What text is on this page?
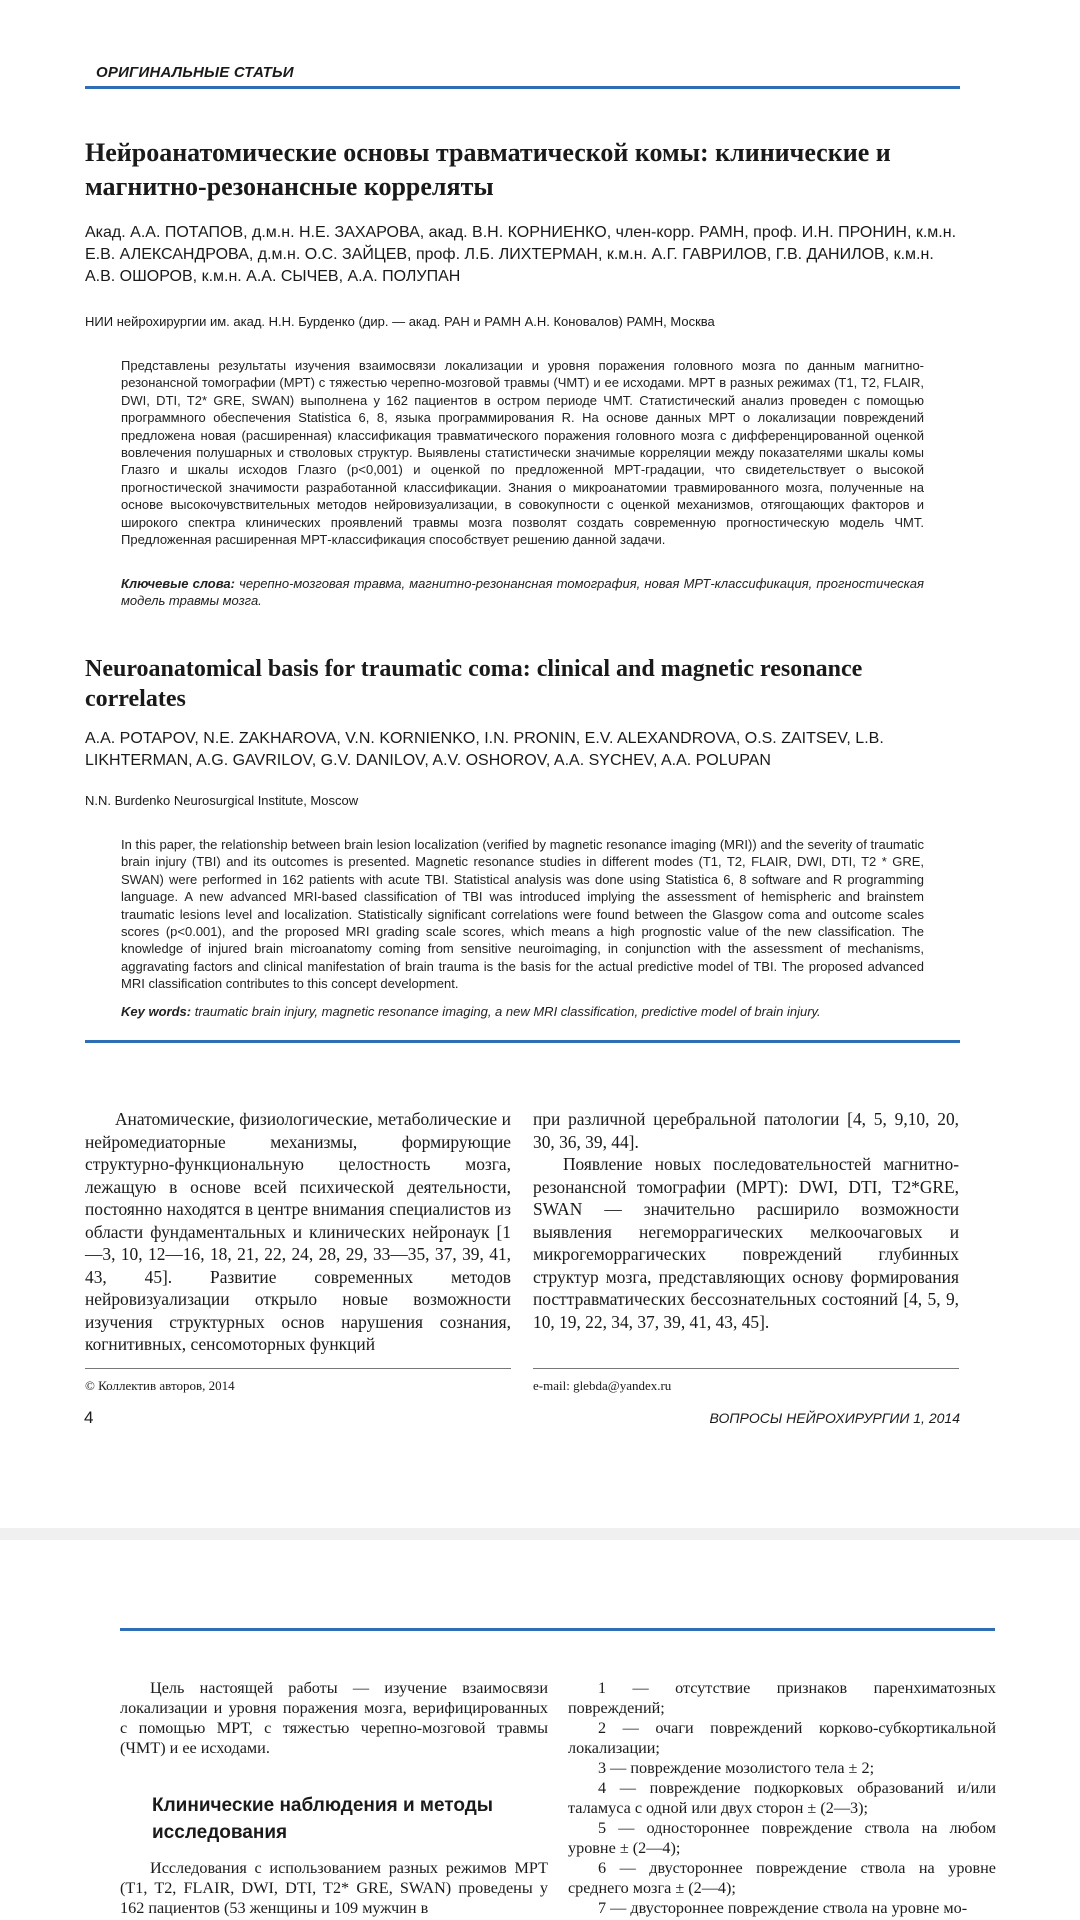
ОРИГИНАЛЬНЫЕ СТАТЬИ
Нейроанатомические основы травматической комы: клинические и магнитно-резонансные корреляты
Акад. А.А. ПОТАПОВ, д.м.н. Н.Е. ЗАХАРОВА, акад. В.Н. КОРНИЕНКО, член-корр. РАМН, проф. И.Н. ПРОНИН, к.м.н. Е.В. АЛЕКСАНДРОВА, д.м.н. О.С. ЗАЙЦЕВ, проф. Л.Б. ЛИХТЕРМАН, к.м.н. А.Г. ГАВРИЛОВ, Г.В. ДАНИЛОВ, к.м.н. А.В. ОШОРОВ, к.м.н. А.А. СЫЧЕВ, А.А. ПОЛУПАН
НИИ нейрохирургии им. акад. Н.Н. Бурденко (дир. — акад. РАН и РАМН А.Н. Коновалов) РАМН, Москва
Представлены результаты изучения взаимосвязи локализации и уровня поражения головного мозга по данным магнитно-резонансной томографии (МРТ) с тяжестью черепно-мозговой травмы (ЧМТ) и ее исходами. МРТ в разных режимах (T1, T2, FLAIR, DWI, DTI, T2* GRE, SWAN) выполнена у 162 пациентов в остром периоде ЧМТ. Статистический анализ проведен с помощью программного обеспечения Statistica 6, 8, языка программирования R. На основе данных МРТ о локализации повреждений предложена новая (расширенная) классификация травматического поражения головного мозга с дифференцированной оценкой вовлечения полушарных и стволовых структур. Выявлены статистически значимые корреляции между показателями шкалы комы Глазго и шкалы исходов Глазго (p<0,001) и оценкой по предложенной МРТ-градации, что свидетельствует о высокой прогностической значимости разработанной классификации. Знания о микроанатомии травмированного мозга, полученные на основе высокочувствительных методов нейровизуализации, в совокупности с оценкой механизмов, отягощающих факторов и широкого спектра клинических проявлений травмы мозга позволят создать современную прогностическую модель ЧМТ. Предложенная расширенная МРТ-классификация способствует решению данной задачи.
Ключевые слова: черепно-мозговая травма, магнитно-резонансная томография, новая МРТ-классификация, прогностическая модель травмы мозга.
Neuroanatomical basis for traumatic coma: clinical and magnetic resonance correlates
A.A. POTAPOV, N.E. ZAKHAROVA, V.N. KORNIENKO, I.N. PRONIN, E.V. ALEXANDROVA, O.S. ZAITSEV, L.B. LIKHTERMAN, A.G. GAVRILOV, G.V. DANILOV, A.V. OSHOROV, A.A. SYCHEV, A.A. POLUPAN
N.N. Burdenko Neurosurgical Institute, Moscow
In this paper, the relationship between brain lesion localization (verified by magnetic resonance imaging (MRI)) and the severity of traumatic brain injury (TBI) and its outcomes is presented. Magnetic resonance studies in different modes (T1, T2, FLAIR, DWI, DTI, T2 * GRE, SWAN) were performed in 162 patients with acute TBI. Statistical analysis was done using Statistica 6, 8 software and R programming language. A new advanced MRI-based classification of TBI was introduced implying the assessment of hemispheric and brainstem traumatic lesions level and localization. Statistically significant correlations were found between the Glasgow coma and outcome scales scores (p<0.001), and the proposed MRI grading scale scores, which means a high prognostic value of the new classification. The knowledge of injured brain microanatomy coming from sensitive neuroimaging, in conjunction with the assessment of mechanisms, aggravating factors and clinical manifestation of brain trauma is the basis for the actual predictive model of TBI. The proposed advanced MRI classification contributes to this concept development.
Key words: traumatic brain injury, magnetic resonance imaging, a new MRI classification, predictive model of brain injury.

Анатомические, физиологические, метаболические и нейромедиаторные механизмы, формирующие структурно-функциональную целостность мозга, лежащую в основе всей психической деятельности, постоянно находятся в центре внимания специалистов из области фундаментальных и клинических нейронаук [1—3, 10, 12—16, 18, 21, 22, 24, 28, 29, 33—35, 37, 39, 41, 43, 45]. Развитие современных методов нейровизуализации открыло новые возможности изучения структурных основ нарушения сознания, когнитивных, сенсомоторных функций

при различной церебральной патологии [4, 5, 9,10, 20, 30, 36, 39, 44].

Появление новых последовательностей магнитно-резонансной томографии (МРТ): DWI, DTI, T2*GRE, SWAN — значительно расширило возможности выявления негеморрагических мелкоочаговых и микрогеморрагических повреждений глубинных структур мозга, представляющих основу формирования посттравматических бессознательных состояний [4, 5, 9, 10, 19, 22, 34, 37, 39, 41, 43, 45].

© Коллектив авторов, 2014	e-mail: glebda@yandex.ru
4	ВОПРОСЫ НЕЙРОХИРУРГИИ 1, 2014

Цель настоящей работы — изучение взаимосвязи локализации и уровня поражения мозга, верифицированных с помощью МРТ, с тяжестью черепно-мозговой травмы (ЧМТ) и ее исходами.

Клинические наблюдения и методы исследования

Исследования с использованием разных режимов МРТ (T1, T2, FLAIR, DWI, DTI, T2* GRE, SWAN) проведены у 162 пациентов (53 женщины и 109 мужчин в

1 — отсутствие признаков паренхиматозных повреждений;

2 — очаги повреждений корково-субкортикальной локализации;

3 — повреждение мозолистого тела ± 2;

4 — повреждение подкорковых образований и/или таламуса с одной или двух сторон ± (2—3);

5 — одностороннее повреждение ствола на любом уровне ± (2—4);

6 — двустороннее повреждение ствола на уровне среднего мозга ± (2—4);

7 — двустороннее повреждение ствола на уровне мо-
